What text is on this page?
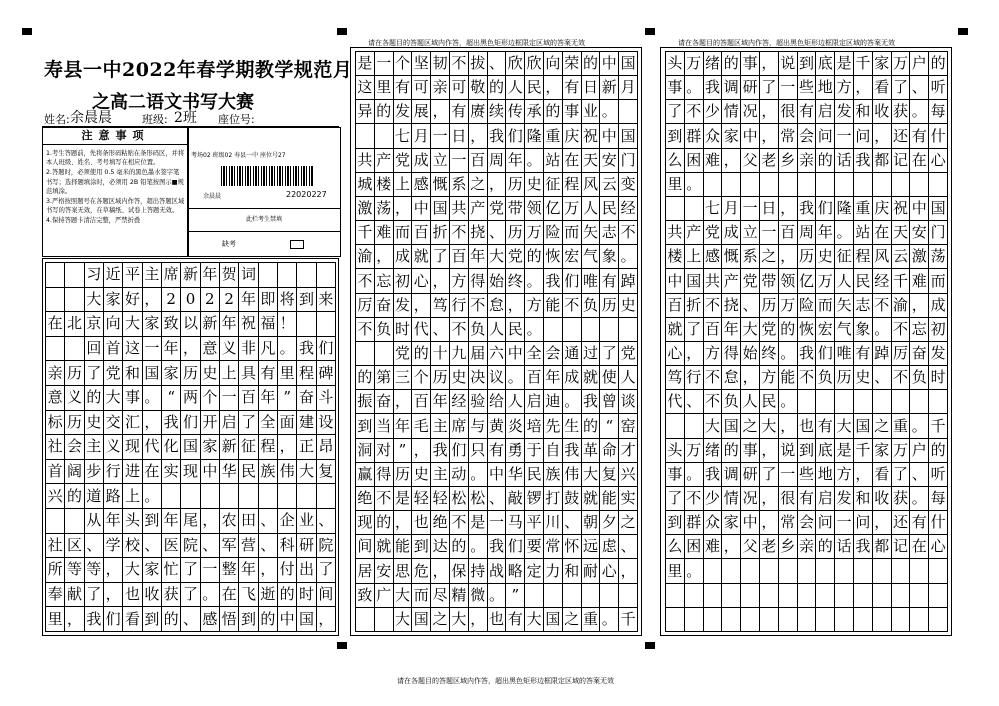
请在各题目的答题区域内作答，超出黑色矩形边框限定区域的答案无效	请在各题目的答题区域内作答，超出黑色矩形边框限定区域的答案无效
请在各题目的答题区域内作答，超出黑色矩形边框限定区域的答案无效
寿县一中2022年春学期教学规范月
之高二语文书写大赛
姓名: 余晨晨	班级: 2班 座位号:
注意事项
1.考生答题前，先将条形码粘贴在条形码区，并将本人班级、姓名、考号填写在相应位置。
2.答题时，必须使用 0.5 毫米的黑色墨水签字笔书写；选择题填涂时，必须用 2B 铅笔按图示■规范填涂。
3.严格按照题号在各题区域内作答，超出答题区域书写的答案无效，在草稿纸、试卷上答题无效。
4.保持答题卡清洁完整，严禁折叠
考场02 班级02 寿县一中 座位号27
余晨晨	22020227
此栏考生禁填
缺考
习 近 平 主 席 新 年 贺 词
大 家 好 ， 2 0 2 2 年 即 将 到 来
在 北 京 向 大 家 致 以 新 年 祝 福 ！
回 首 这 一 年 ， 意 义 非 凡 。 我 们
亲 历 了 党 和 国 家 历 史 上 具 有 里 程 碑
意 义 的 大 事 。 “ 两 个 一 百 年 ” 奋 斗
标 历 史 交 汇 ， 我 们 开 启 了 全 面 建 设
社 会 主 义 现 代 化 国 家 新 征 程 ， 正 昂
首 阔 步 行 进 在 实 现 中 华 民 族 伟 大 复
兴 的 道 路 上 。
从 年 头 到 年 尾 ， 农 田 、 企 业 、
社 区 、 学 校 、 医 院 、 军 营 、 科 研 院
所 等 等 ， 大 家 忙 了 一 整 年 ， 付 出 了
奉 献 了 ， 也 收 获 了 。 在 飞 逝 的 时 间
里 ， 我 们 看 到 的 、 感 悟 到 的 中 国 ，
是 一 个 坚 韧 不 拔 、 欣 欣 向 荣 的 中 国
这 里 有 可 亲 可 敬 的 人 民 ， 有 日 新 月
异 的 发 展 ， 有 赓 续 传 承 的 事 业 。
七 月 一 日 ， 我 们 隆 重 庆 祝 中 国
共 产 党 成 立 一 百 周 年 。 站 在 天 安 门
城 楼 上 感 慨 系 之 ， 历 史 征 程 风 云 变
激 荡 ， 中 国 共 产 党 带 领 亿 万 人 民 经
千 难 而 百 折 不 挠 、 历 万 险 而 矢 志 不
渝 ， 成 就 了 百 年 大 党 的 恢 宏 气 象 。
不 忘 初 心 ， 方 得 始 终 。 我 们 唯 有 踔
厉 奋 发 ， 笃 行 不 怠 ， 方 能 不 负 历 史
不 负 时 代 、 不 负 人 民 。
党 的 十 九 届 六 中 全 会 通 过 了 党
的 第 三 个 历 史 决 议 。 百 年 成 就 使 人
振 奋 ， 百 年 经 验 给 人 启 迪 。 我 曾 谈
到 当 年 毛 主 席 与 黄 炎 培 先 生 的 “ 窑
洞 对 ” ， 我 们 只 有 勇 于 自 我 革 命 才
赢 得 历 史 主 动 。 中 华 民 族 伟 大 复 兴
绝 不 是 轻 轻 松 松 、 敲 锣 打 鼓 就 能 实
现 的 ， 也 绝 不 是 一 马 平 川 、 朝 夕 之
间 就 能 到 达 的 。 我 们 要 常 怀 远 虑 、
居 安 思 危 ， 保 持 战 略 定 力 和 耐 心 ，
致 广 大 而 尽 精 微 。 ”
大 国 之 大 ， 也 有 大 国 之 重 。 千
头 万 绪 的 事 ， 说 到 底 是 千 家 万 户 的
事 。 我 调 研 了 一 些 地 方 ， 看 了 、 听
了 不 少 情 况 ， 很 有 启 发 和 收 获 。 每
到 群 众 家 中 ， 常 会 问 一 问 ， 还 有 什
么 困 难 ， 父 老 乡 亲 的 话 我 都 记 在 心
里 。
七 月 一 日 ， 我 们 隆 重 庆 祝 中 国
共 产 党 成 立 一 百 周 年 。 站 在 天 安 门
楼 上 感 慨 系 之 ， 历 史 征 程 风 云 激 荡
中 国 共 产 党 带 领 亿 万 人 民 经 千 难 而
百 折 不 挠 、 历 万 险 而 矢 志 不 渝 ， 成
就 了 百 年 大 党 的 恢 宏 气 象 。 不 忘 初
心 ， 方 得 始 终 。 我 们 唯 有 踔 厉 奋 发
笃 行 不 怠 ， 方 能 不 负 历 史 、 不 负 时
代 、 不 负 人 民 。
大 国 之 大 ， 也 有 大 国 之 重 。 千
头 万 绪 的 事 ， 说 到 底 是 千 家 万 户 的
事 。 我 调 研 了 一 些 地 方 ， 看 了 、 听
了 不 少 情 况 ， 很 有 启 发 和 收 获 。 每
到 群 众 家 中 ， 常 会 问 一 问 ， 还 有 什
么 困 难 ， 父 老 乡 亲 的 话 我 都 记 在 心
里 。
